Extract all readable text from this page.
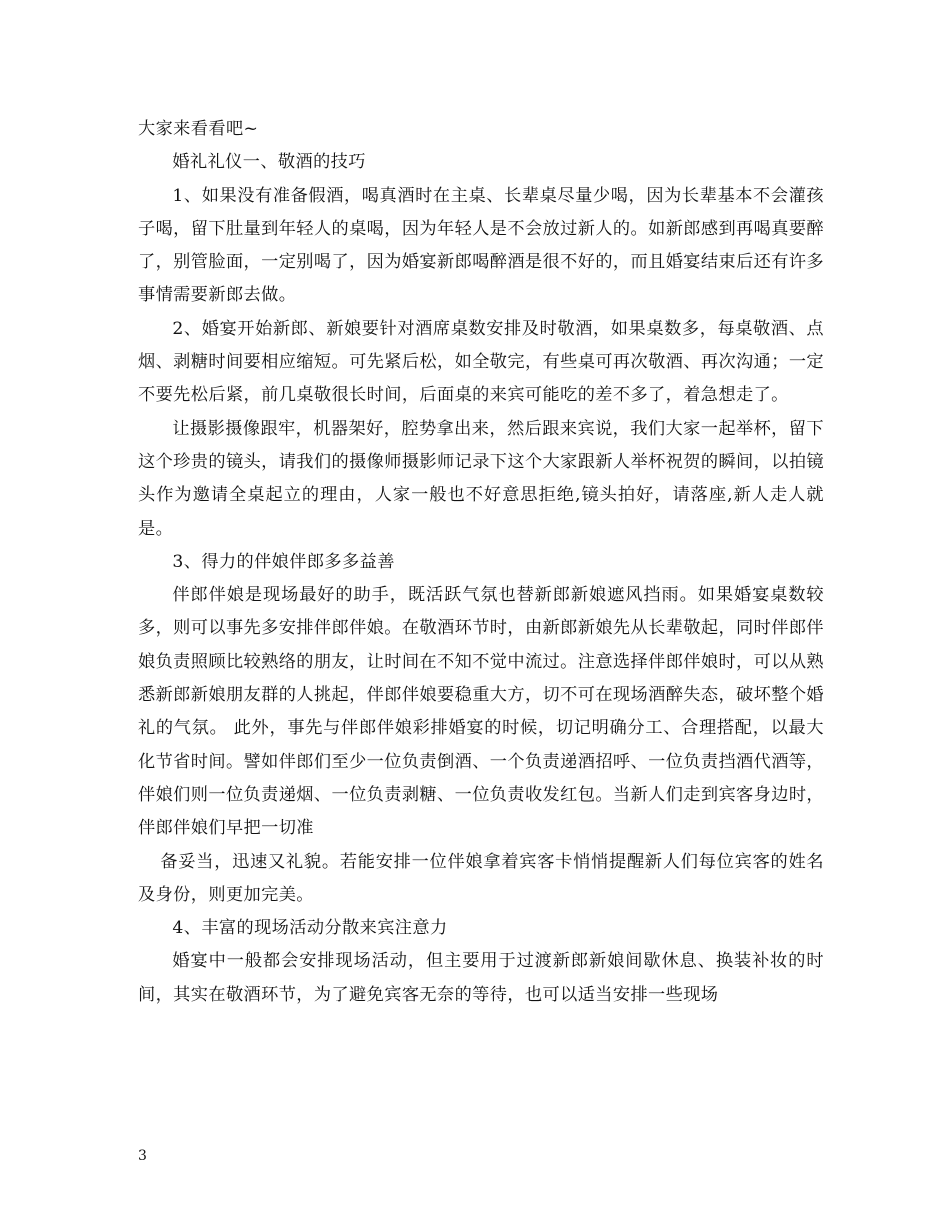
大家来看看吧~

婚礼礼仪一、敬酒的技巧

1、如果没有准备假酒，喝真酒时在主桌、长辈桌尽量少喝，因为长辈基本不会灌孩子喝，留下肚量到年轻人的桌喝，因为年轻人是不会放过新人的。如新郎感到再喝真要醉了，别管脸面，一定别喝了，因为婚宴新郎喝醉酒是很不好的，而且婚宴结束后还有许多事情需要新郎去做。

2、婚宴开始新郎、新娘要针对酒席桌数安排及时敬酒，如果桌数多，每桌敬酒、点烟、剥糖时间要相应缩短。可先紧后松，如全敬完，有些桌可再次敬酒、再次沟通；一定不要先松后紧，前几桌敬很长时间，后面桌的来宾可能吃的差不多了，着急想走了。

让摄影摄像跟牢，机器架好，腔势拿出来，然后跟来宾说，我们大家一起举杯，留下这个珍贵的镜头，请我们的摄像师摄影师记录下这个大家跟新人举杯祝贺的瞬间，以拍镜头作为邀请全桌起立的理由，人家一般也不好意思拒绝,镜头拍好，请落座,新人走人就是。

3、得力的伴娘伴郎多多益善

伴郎伴娘是现场最好的助手，既活跃气氛也替新郎新娘遮风挡雨。如果婚宴桌数较多，则可以事先多安排伴郎伴娘。在敬酒环节时，由新郎新娘先从长辈敬起，同时伴郎伴娘负责照顾比较熟络的朋友，让时间在不知不觉中流过。注意选择伴郎伴娘时，可以从熟悉新郎新娘朋友群的人挑起，伴郎伴娘要稳重大方，切不可在现场酒醉失态，破坏整个婚礼的气氛。 此外，事先与伴郎伴娘彩排婚宴的时候，切记明确分工、合理搭配，以最大化节省时间。譬如伴郎们至少一位负责倒酒、一个负责递酒招呼、一位负责挡酒代酒等，伴娘们则一位负责递烟、一位负责剥糖、一位负责收发红包。当新人们走到宾客身边时，伴郎伴娘们早把一切准

备妥当，迅速又礼貌。若能安排一位伴娘拿着宾客卡悄悄提醒新人们每位宾客的姓名及身份，则更加完美。

4、丰富的现场活动分散来宾注意力

婚宴中一般都会安排现场活动，但主要用于过渡新郎新娘间歇休息、换装补妆的时间，其实在敬酒环节，为了避免宾客无奈的等待，也可以适当安排一些现场

3
